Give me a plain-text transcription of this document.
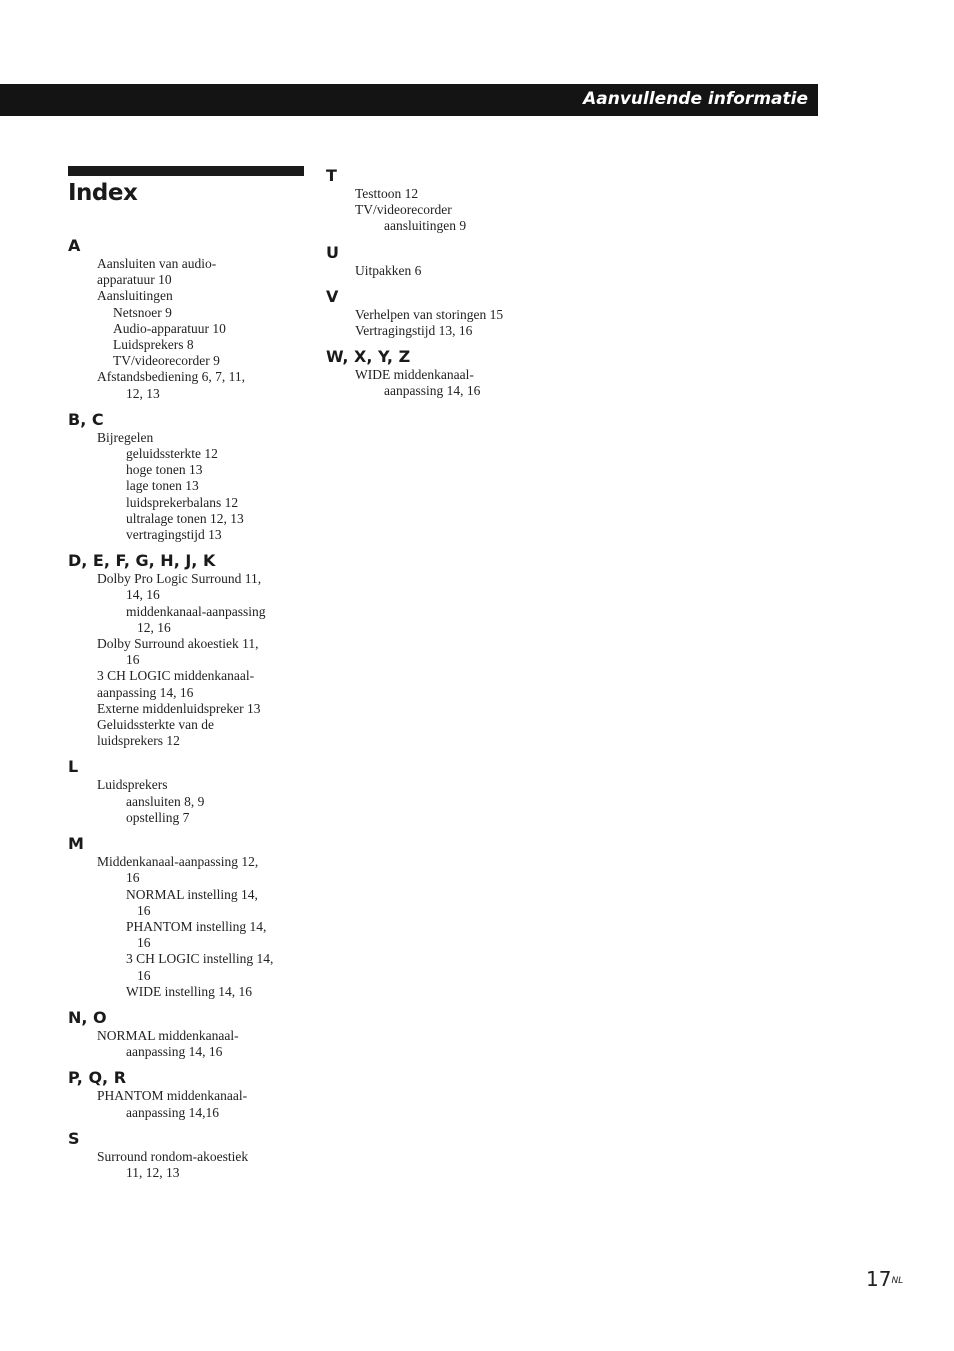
Aanvullende informatie
Index
A
Aansluiten van audio-
apparatuur 10
Aansluitingen
Netsnoer 9
Audio-apparatuur 10
Luidsprekers 8
TV/videorecorder 9
Afstandsbediening 6, 7, 11,
12, 13
B, C
Bijregelen
geluidssterkte 12
hoge tonen 13
lage tonen 13
luidsprekerbalans 12
ultralage tonen 12, 13
vertragingstijd 13
D, E, F, G, H, J, K
Dolby Pro Logic Surround 11,
14, 16
middenkanaal-aanpassing
12, 16
Dolby Surround akoestiek 11,
16
3 CH LOGIC middenkanaal-
aanpassing 14, 16
Externe middenluidspreker 13
Geluidssterkte van de
luidsprekers 12
L
Luidsprekers
aansluiten 8, 9
opstelling 7
M
Middenkanaal-aanpassing 12,
16
NORMAL instelling 14,
16
PHANTOM instelling 14,
16
3 CH LOGIC instelling 14,
16
WIDE instelling 14, 16
N, O
NORMAL middenkanaal-
aanpassing 14, 16
P, Q, R
PHANTOM middenkanaal-
aanpassing 14,16
S
Surround rondom-akoestiek
11, 12, 13
T
Testtoon 12
TV/videorecorder
aansluitingen 9
U
Uitpakken 6
V
Verhelpen van storingen 15
Vertragingstijd 13, 16
W, X, Y, Z
WIDE middenkanaal-
aanpassing 14, 16
$17^{NL}$
